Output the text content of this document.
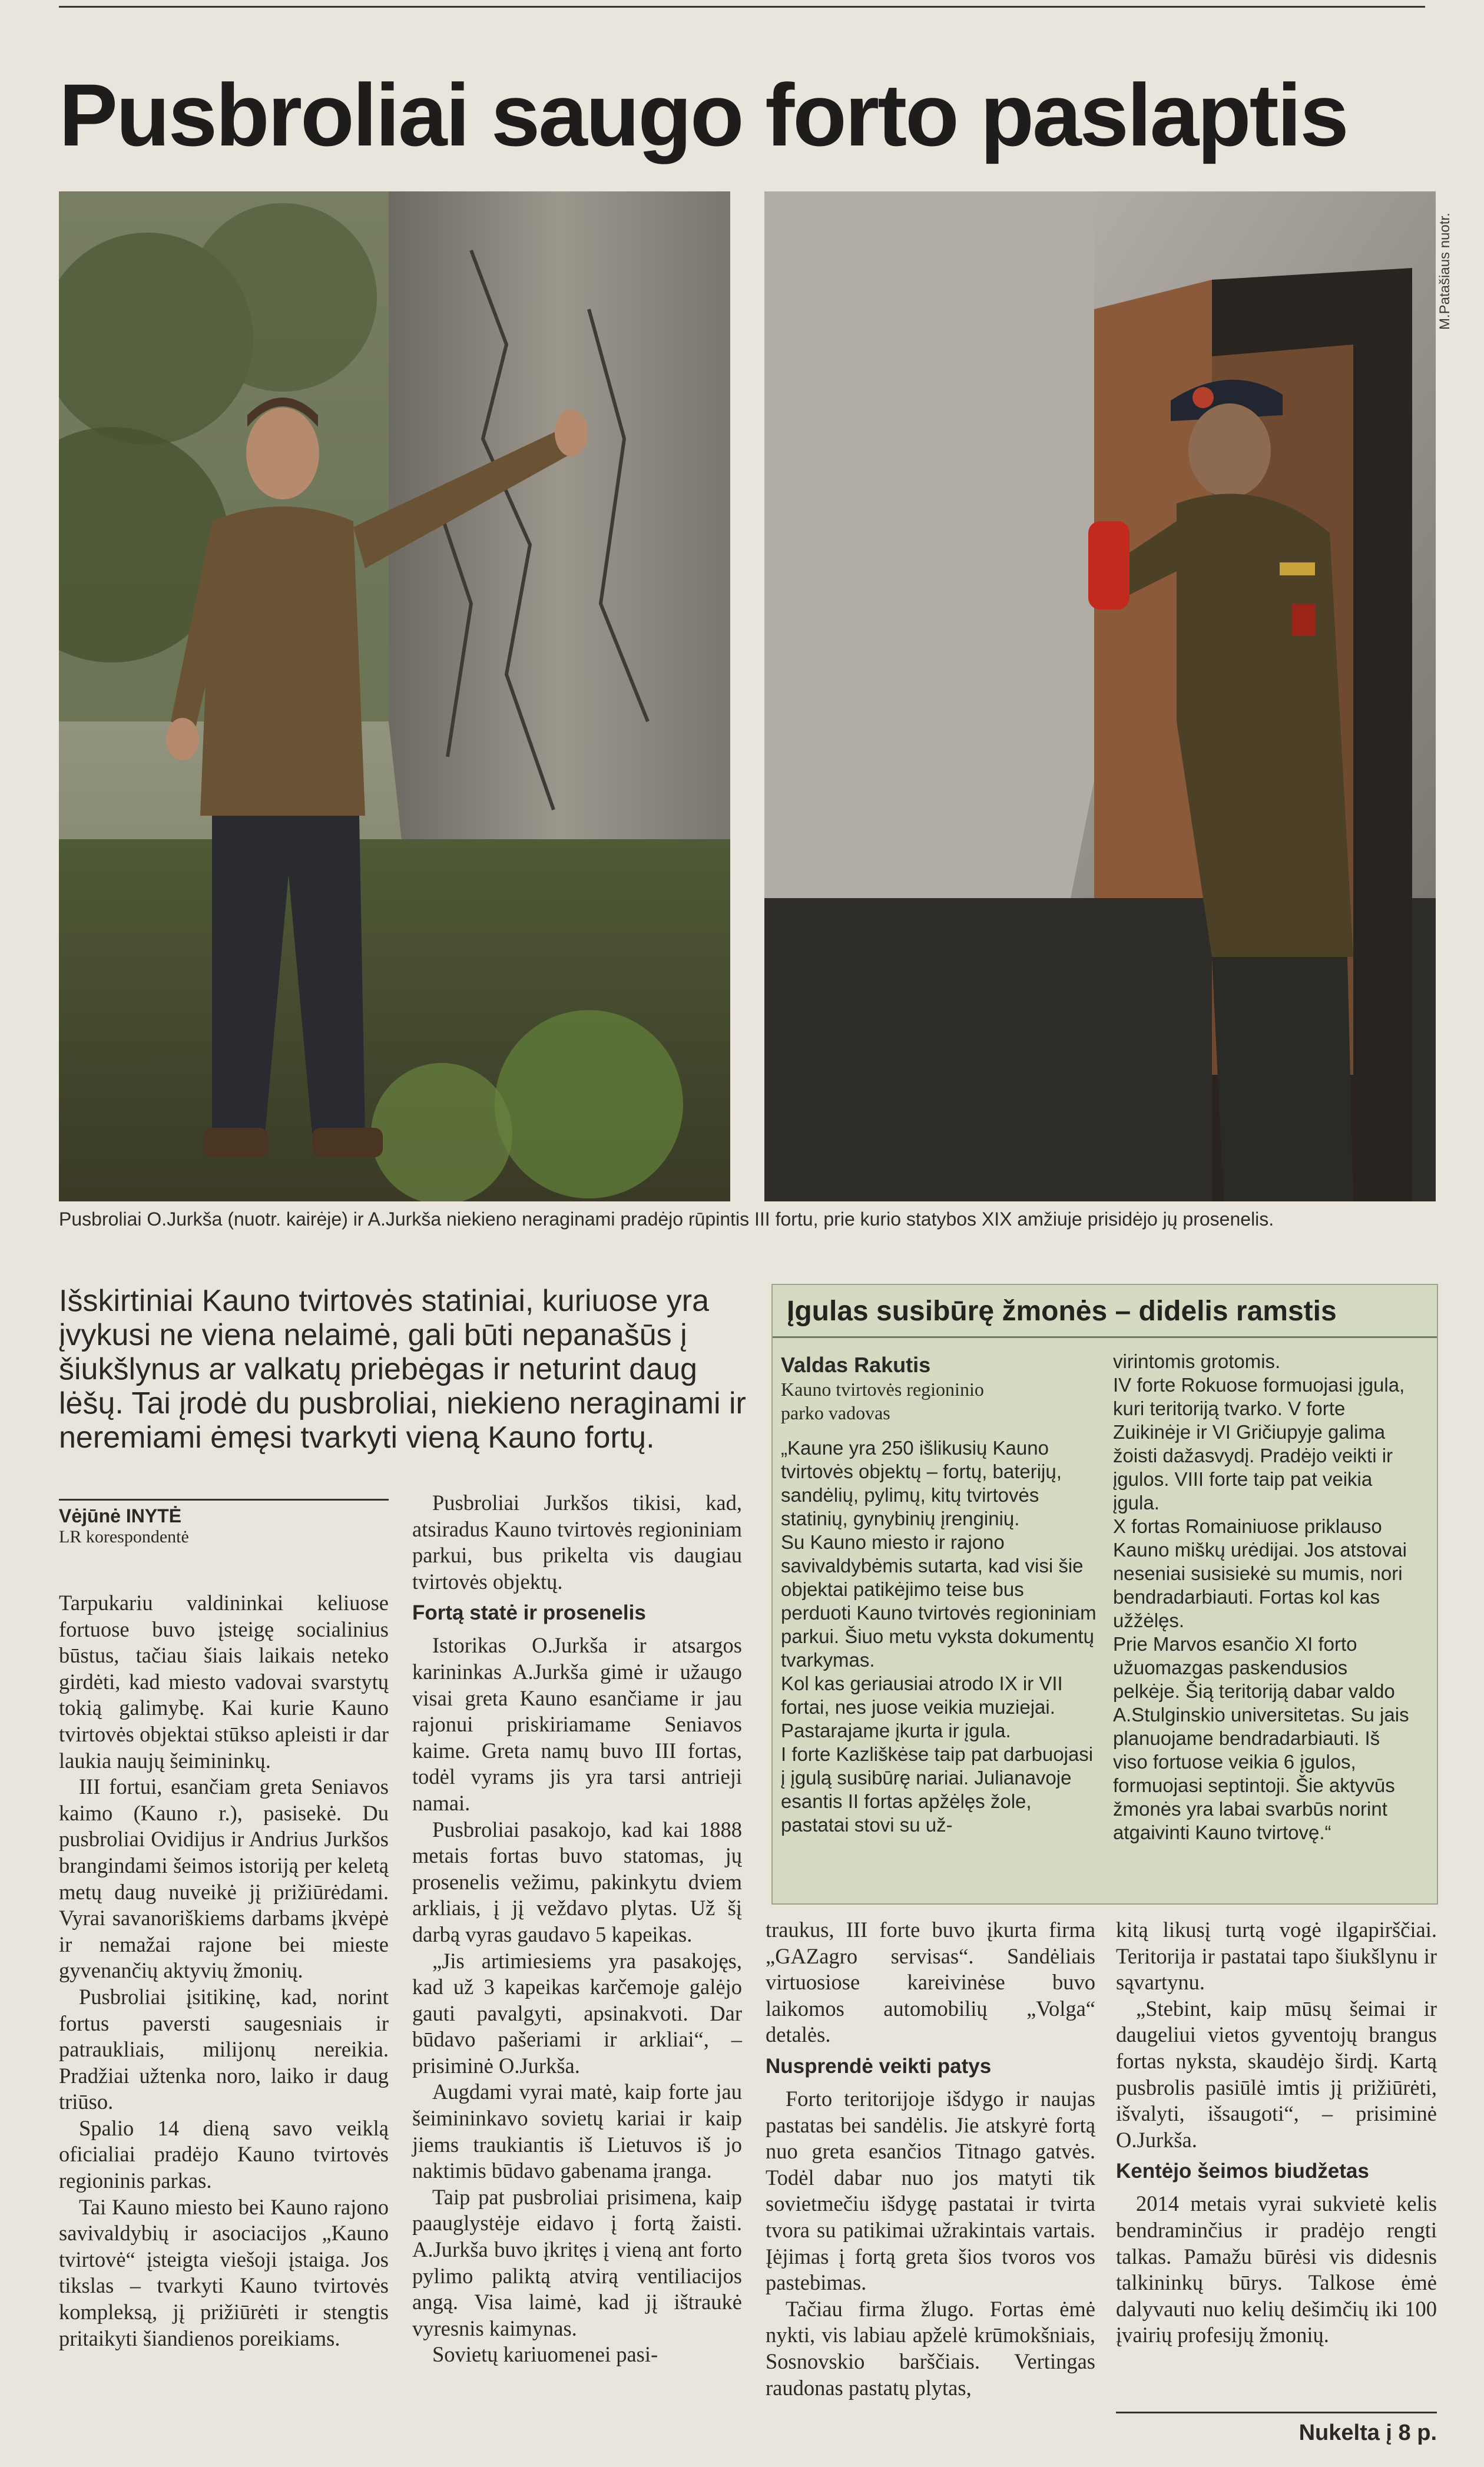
Pusbroliai saugo forto paslaptis
M.Patašiaus nuotr.
Pusbroliai O.Jurkša (nuotr. kairėje) ir A.Jurkša niekieno neraginami pradėjo rūpintis III fortu, prie kurio statybos XIX amžiuje prisidėjo jų prosenelis.
Išskirtiniai Kauno tvirtovės statiniai, kuriuose yra įvykusi ne viena nelaimė, gali būti nepanašūs į šiukšlynus ar valkatų priebėgas ir neturint daug lėšų. Tai įrodė du pusbroliai, niekieno neraginami ir neremiami ėmęsi tvarkyti vieną Kauno fortų.
Vėjūnė INYTĖ
LR korespondentė

Tarpukariu valdininkai keliuose fortuose buvo įsteigę socialinius būstus, tačiau šiais laikais neteko girdėti, kad miesto vadovai svarstytų tokią galimybę. Kai kurie Kauno tvirtovės objektai stūkso apleisti ir dar laukia naujų šeimininkų.

III fortui, esančiam greta Seniavos kaimo (Kauno r.), pasisekė. Du pusbroliai Ovidijus ir Andrius Jurkšos brangindami šeimos istoriją per keletą metų daug nuveikė jį prižiūrėdami. Vyrai savanoriškiems darbams įkvėpė ir nemažai rajone bei mieste gyvenančių aktyvių žmonių.

Pusbroliai įsitikinę, kad, norint fortus paversti saugesniais ir patraukliais, milijonų nereikia. Pradžiai užtenka noro, laiko ir daug triūso.

Spalio 14 dieną savo veiklą oficialiai pradėjo Kauno tvirtovės regioninis parkas.

Tai Kauno miesto bei Kauno rajono savivaldybių ir asociacijos „Kauno tvirtovė“ įsteigta viešoji įstaiga. Jos tikslas – tvarkyti Kauno tvirtovės kompleksą, jį prižiūrėti ir stengtis pritaikyti šiandienos poreikiams.

Pusbroliai Jurkšos tikisi, kad, atsiradus Kauno tvirtovės regioniniam parkui, bus prikelta vis daugiau tvirtovės objektų.

Fortą statė ir prosenelis

Istorikas O.Jurkša ir atsargos karininkas A.Jurkša gimė ir užaugo visai greta Kauno esančiame ir jau rajonui priskiriamame Seniavos kaime. Greta namų buvo III fortas, todėl vyrams jis yra tarsi antrieji namai.

Pusbroliai pasakojo, kad kai 1888 metais fortas buvo statomas, jų prosenelis vežimu, pakinkytu dviem arkliais, į jį veždavo plytas. Už šį darbą vyras gaudavo 5 kapeikas.

„Jis artimiesiems yra pasakojęs, kad už 3 kapeikas karčemoje galėjo gauti pavalgyti, apsinakvoti. Dar būdavo pašeriami ir arkliai“, – prisiminė O.Jurkša.

Augdami vyrai matė, kaip forte jau šeimininkavo sovietų kariai ir kaip jiems traukiantis iš Lietuvos iš jo naktimis būdavo gabenama įranga.

Taip pat pusbroliai prisimena, kaip paauglystėje eidavo į fortą žaisti. A.Jurkša buvo įkritęs į vieną ant forto pylimo paliktą atvirą ventiliacijos angą. Visa laimė, kad jį ištraukė vyresnis kaimynas.

Sovietų kariuomenei pasi-

Įgulas susibūrę žmonės – didelis ramstis
Valdas Rakutis
Kauno tvirtovės regioninio parko vadovas

„Kaune yra 250 išlikusių Kauno tvirtovės objektų – fortų, baterijų, sandėlių, pylimų, kitų tvirtovės statinių, gynybinių įrenginių.

Su Kauno miesto ir rajono savivaldybėmis sutarta, kad visi šie objektai patikėjimo teise bus perduoti Kauno tvirtovės regioniniam parkui. Šiuo metu vyksta dokumentų tvarkymas.

Kol kas geriausiai atrodo IX ir VII fortai, nes juose veikia muziejai. Pastarajame įkurta ir įgula.

I forte Kazliškėse taip pat darbuojasi į įgulą susibūrę nariai. Julianavoje esantis II fortas apžėlęs žole, pastatai stovi su už-

virintomis grotomis.

IV forte Rokuose formuojasi įgula, kuri teritoriją tvarko. V forte Zuikinėje ir VI Gričiupyje galima žoisti dažasvydį. Pradėjo veikti ir įgulos. VIII forte taip pat veikia įgula.

X fortas Romainiuose priklauso Kauno miškų urėdijai. Jos atstovai neseniai susisiekė su mumis, nori bendradarbiauti. Fortas kol kas užžėlęs.

Prie Marvos esančio XI forto užuomazgas paskendusios pelkėje. Šią teritoriją dabar valdo A.Stulginskio universitetas. Su jais planuojame bendradarbiauti. Iš viso fortuose veikia 6 įgulos, formuojasi septintoji. Šie aktyvūs žmonės yra labai svarbūs norint atgaivinti Kauno tvirtovę.“

traukus, III forte buvo įkurta firma „GAZagro servisas“. Sandėliais virtuosiose kareivinėse buvo laikomos automobilių „Volga“ detalės.

Nusprendė veikti patys

Forto teritorijoje išdygo ir naujas pastatas bei sandėlis. Jie atskyrė fortą nuo greta esančios Titnago gatvės. Todėl dabar nuo jos matyti tik sovietmečiu išdygę pastatai ir tvirta tvora su patikimai užrakintais vartais. Įėjimas į fortą greta šios tvoros vos pastebimas.

Tačiau firma žlugo. Fortas ėmė nykti, vis labiau apželė krūmokšniais, Sosnovskio barščiais. Vertingas raudonas pastatų plytas,

kitą likusį turtą vogė ilgapirščiai. Teritorija ir pastatai tapo šiukšlynu ir sąvartynu.

„Stebint, kaip mūsų šeimai ir daugeliui vietos gyventojų brangus fortas nyksta, skaudėjo širdį. Kartą pusbrolis pasiūlė imtis jį prižiūrėti, išvalyti, išsaugoti“, – prisiminė O.Jurkša.

Kentėjo šeimos biudžetas

2014 metais vyrai sukvietė kelis bendraminčius ir pradėjo rengti talkas. Pamažu būrėsi vis didesnis talkininkų būrys. Talkose ėmė dalyvauti nuo kelių dešimčių iki 100 įvairių profesijų žmonių.

Nukelta į 8 p.
